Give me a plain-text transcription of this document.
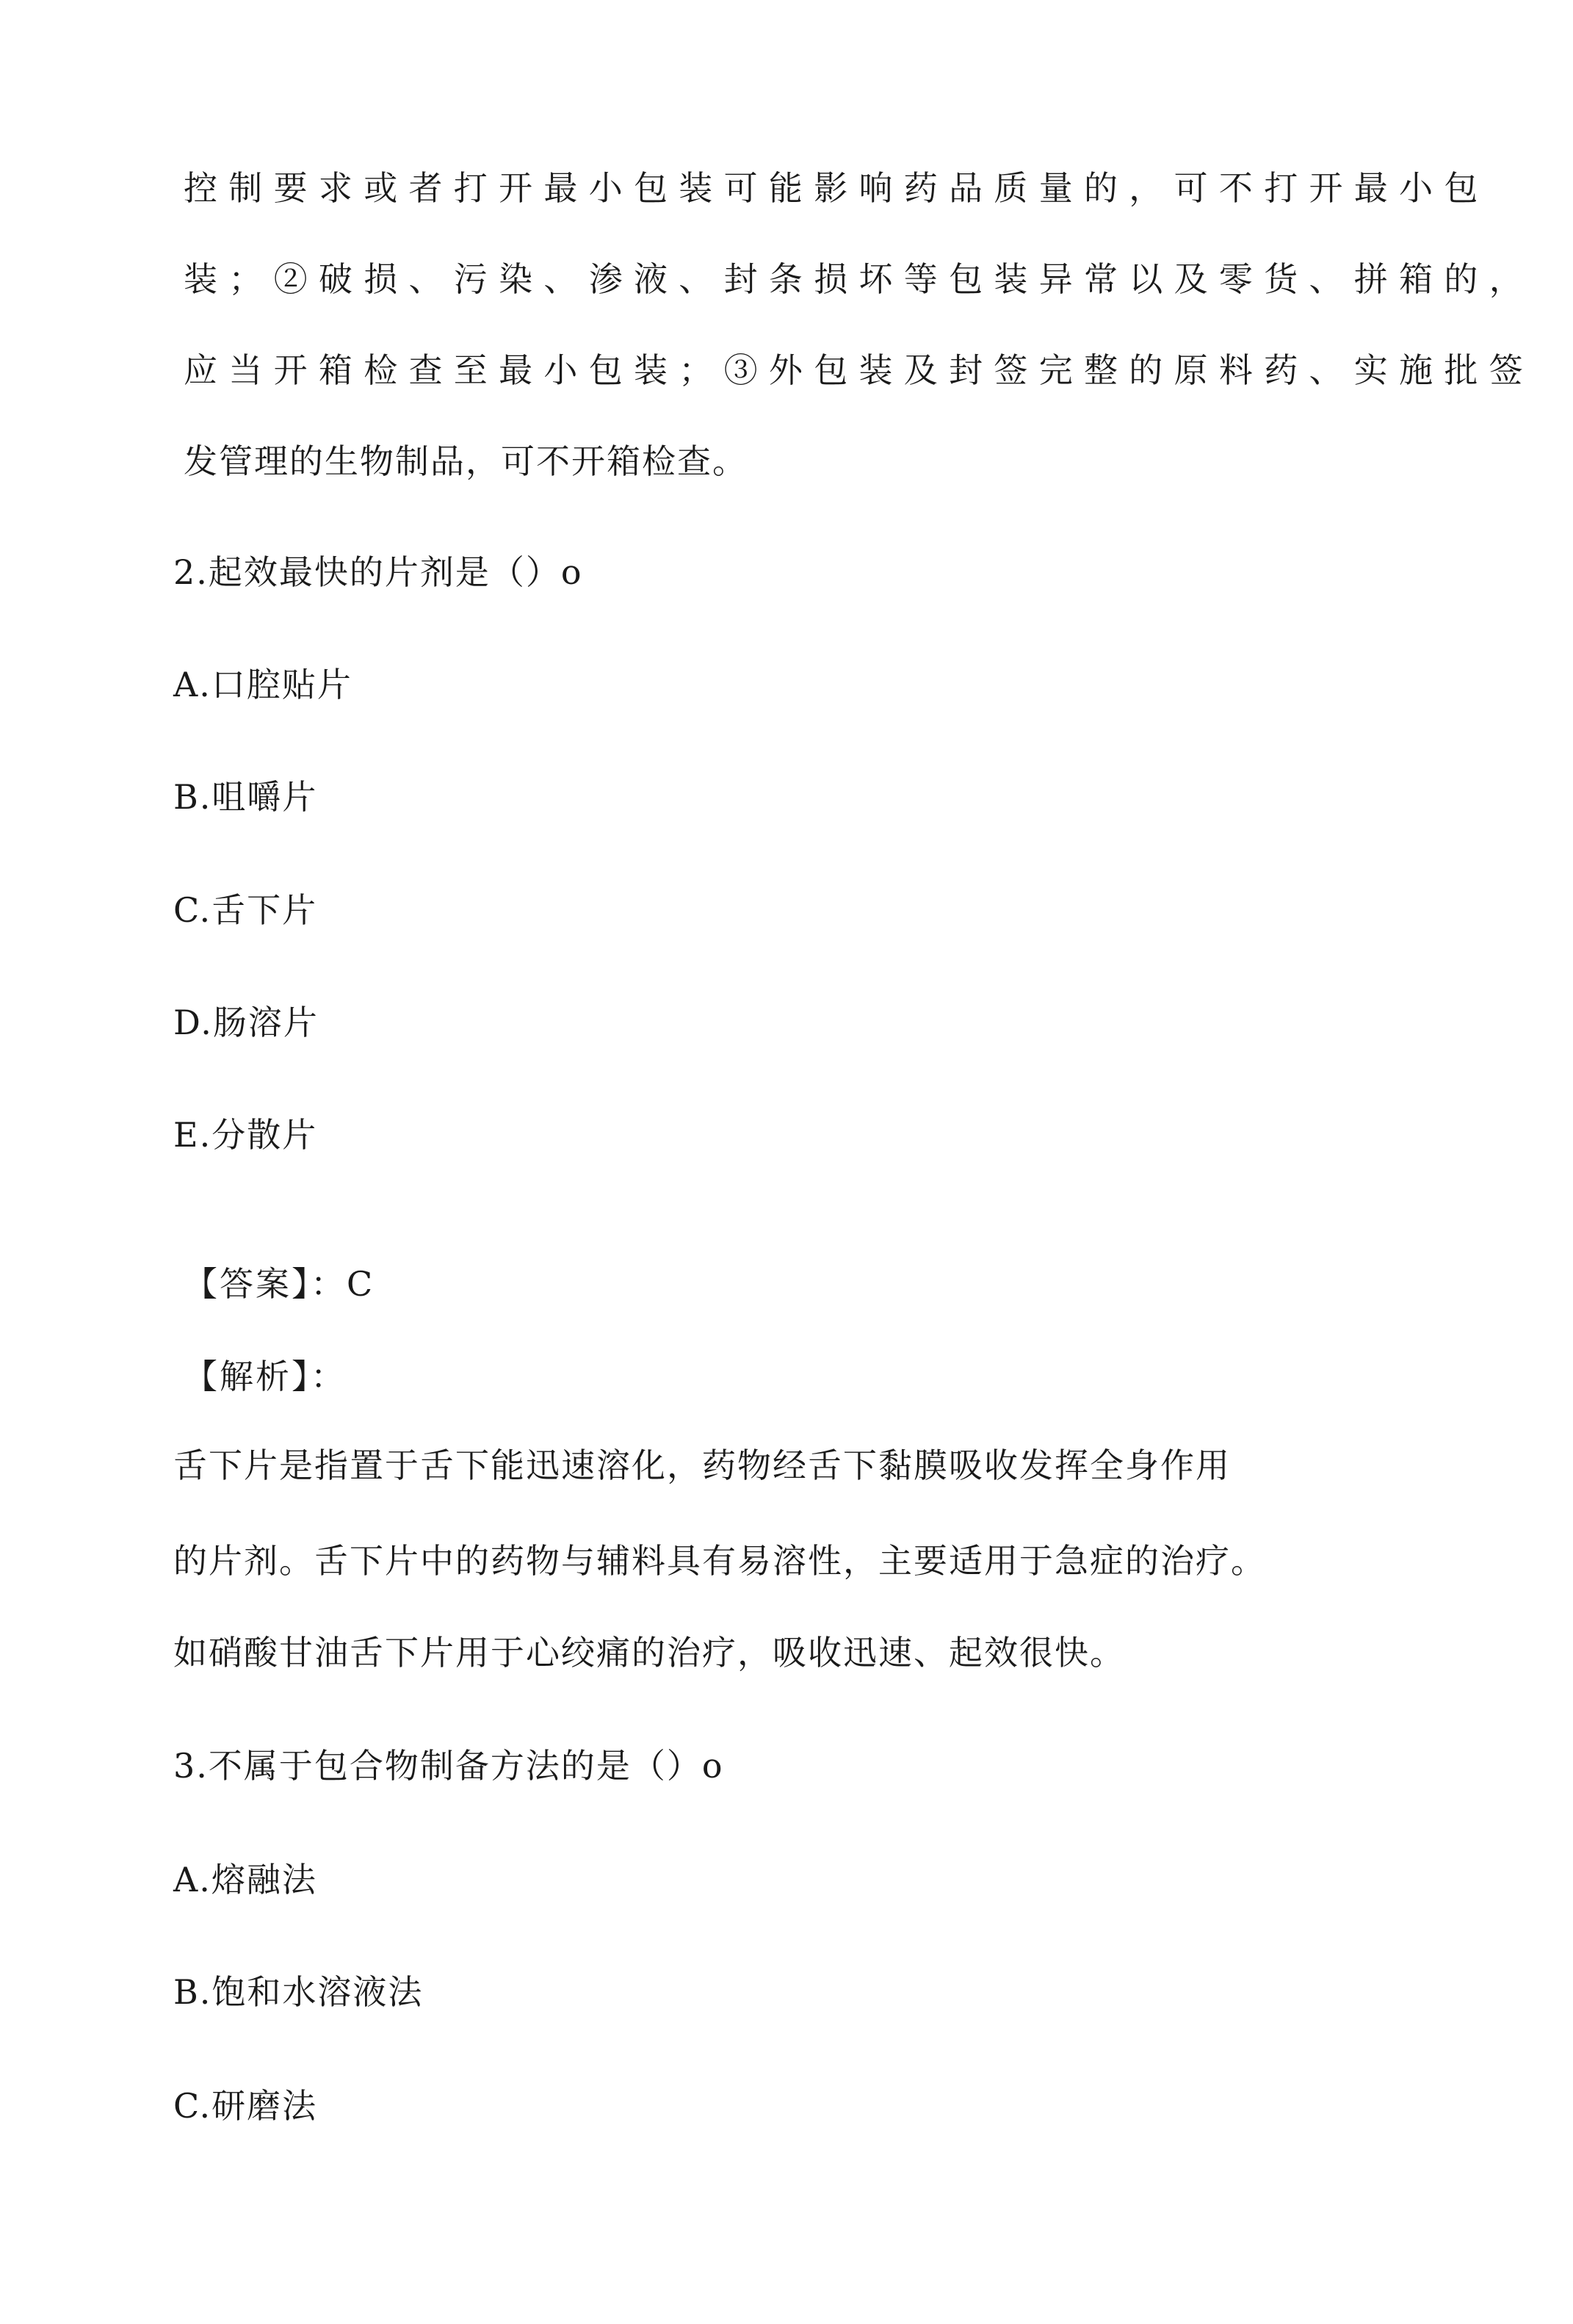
控制要求或者打开最小包装可能影响药品质量的，可不打开最小包

装；②破损、污染、渗液、封条损坏等包装异常以及零货、拼箱的，

应当开箱检查至最小包装；③外包装及封签完整的原料药、实施批签

发管理的生物制品，可不开箱检查。

2.起效最快的片剂是（）o

A.口腔贴片

B.咀嚼片

C.舌下片

D.肠溶片

E.分散片

【答案】：C

【解析】：

舌下片是指置于舌下能迅速溶化，药物经舌下黏膜吸收发挥全身作用

的片剂。舌下片中的药物与辅料具有易溶性，主要适用于急症的治疗。

如硝酸甘油舌下片用于心绞痛的治疗，吸收迅速、起效很快。

3.不属于包合物制备方法的是（）o

A.熔融法

B.饱和水溶液法

C.研磨法
